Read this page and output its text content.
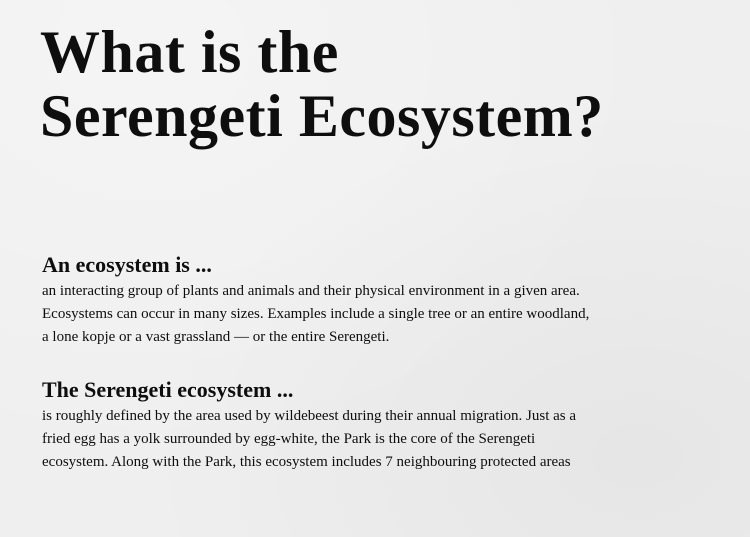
What is the
Serengeti Ecosystem?
An ecosystem is ...

an interacting group of plants and animals and their physical environment in a given area.
Ecosystems can occur in many sizes. Examples include a single tree or an entire woodland,
a lone kopje or a vast grassland — or the entire Serengeti.

The Serengeti ecosystem ...

is roughly defined by the area used by wildebeest during their annual migration. Just as a
fried egg has a yolk surrounded by egg-white, the Park is the core of the Serengeti
ecosystem. Along with the Park, this ecosystem includes 7 neighbouring protected areas
